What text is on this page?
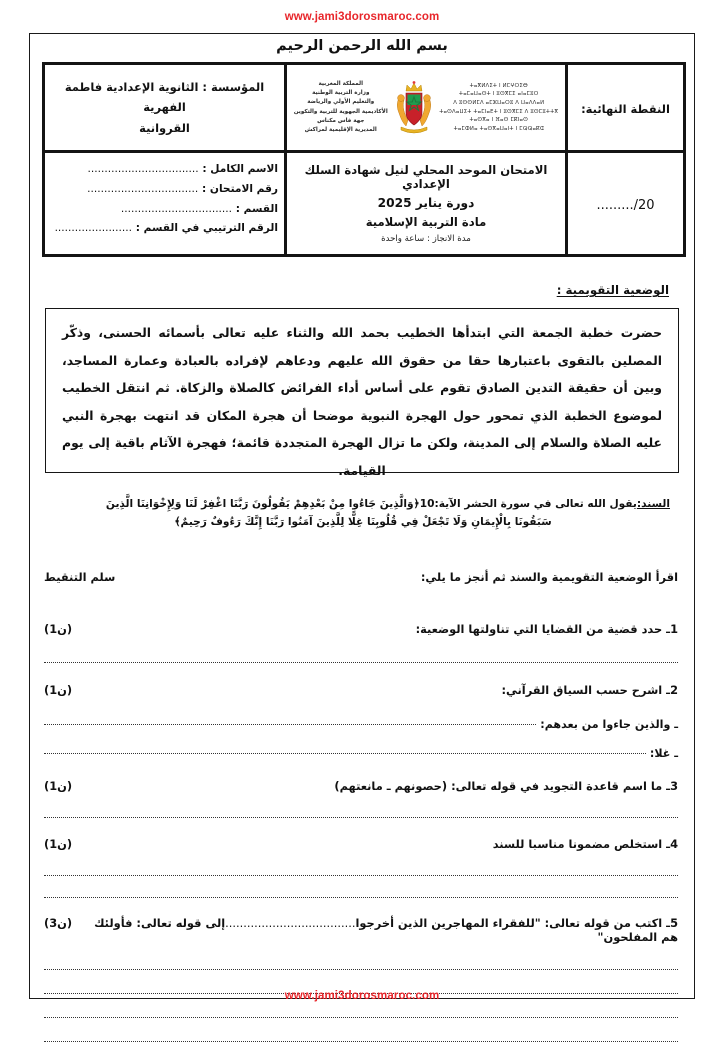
www.jami3dorosmaroc.com
بسم الله الرحمن الرحيم
النقطة النهائية:	
ⵜⴰⴳⵍⴷⵉⵜ ⵏ ⵍⵎⵖⵔⵉⴱ
ⵜⴰⵎⴰⵡⴰⵙⵜ ⵏ ⵓⵙⴳⵎⵉ ⴰⵏⴰⵎⵓⵔ
ⴷ ⵓⵙⵙⵍⵎⴷ ⴰⵎⵣⵡⴰⵔⵓ ⴷ ⵡⴰⴷⴷⴰⵍ
ⵜⴰⵙⴷⴰⵡⵉⵜ ⵜⴰⵎⵏⴰⴹⵜ ⵏ ⵓⵙⴳⵎⵉ ⴷ ⵓⵙⵎⵓⵜⵜⴳ
ⵜⴰⵙⴳⴰ ⵏ ⴼⴰⵙ ⵎⴽⵏⴰⵙ
ⵜⴰⵎⵀⵍⴰ ⵜⴰⵙⴳⴰⵡⴰⵏⵜ ⵏ ⵎⵕⵕⴰⴽⵛ
المملكة المغربية
وزارة التربية الوطنية
والتعليم الأولي والرياضة
الأكاديمية الجهوية للتربية والتكوين
جهة فاس مكناس
المديرية الإقليمية لمراكش

المؤسسة : الثانوية الإعدادية فاطمة الفهرية
القروانية

........./20	
الامتحان الموحد المحلي لنيل شهادة السلك الإعدادي
دورة يناير 2025
مادة التربية الإسلامية
مدة الانجاز : ساعة واحدة

الاسم الكامل : .................................
رقم الامتحان : .................................
القسم : .................................
الرقم الترتيبي في القسم : .......................
الوضعية التقويمية :
حضرت خطبة الجمعة التي ابتدأها الخطيب بحمد الله والثناء عليه تعالى بأسمائه الحسنى، وذكّر المصلين بالتقوى باعتبارها حقا من حقوق الله عليهم ودعاهم لإفراده بالعبادة وعمارة المساجد، وبين أن حقيقة التدين الصادق تقوم على أساس أداء الفرائض كالصلاة والزكاة. ثم انتقل الخطيب لموضوع الخطبة الذي تمحور حول الهجرة النبوية موضحا أن هجرة المكان قد انتهت بهجرة النبي عليه الصلاة والسلام إلى المدينة، ولكن ما تزال الهجرة المتجددة قائمة؛ فهجرة الآثام باقية إلى يوم القيامة.
السند:يقول الله تعالى في سورة الحشر الآية:10﴿وَالَّذِينَ جَاءُوا مِنْ بَعْدِهِمْ يَقُولُونَ رَبَّنَا اغْفِرْ لَنَا وَلِإِخْوَانِنَا الَّذِينَ
سَبَقُونَا بِالْإِيمَانِ وَلَا تَجْعَلْ فِي قُلُوبِنَا غِلًّا لِلَّذِينَ آمَنُوا رَبَّنَا إِنَّكَ رَءُوفٌ رَحِيمٌ﴾
اقرأ الوضعية التقويمية والسند ثم أنجز ما يلي:
سلم التنقيط
1ـ حدد قضية من القضايا التي تناولتها الوضعية:
(1ن)
2ـ اشرح حسب السياق القرآني:
(1ن)
ـ والذين جاءوا من بعدهم:
ـ غلا:
3ـ ما اسم قاعدة التجويد في قوله تعالى: (حصونهم ـ مانعتهم)
(1ن)
4ـ استخلص مضمونا مناسبا للسند
(1ن)
5ـ اكتب من قوله تعالى: "للفقراء المهاجرين الذين أخرجوا....................................إلى قوله تعالى: فأولئك هم المفلحون"
(3ن)
www.jami3dorosmaroc.com
